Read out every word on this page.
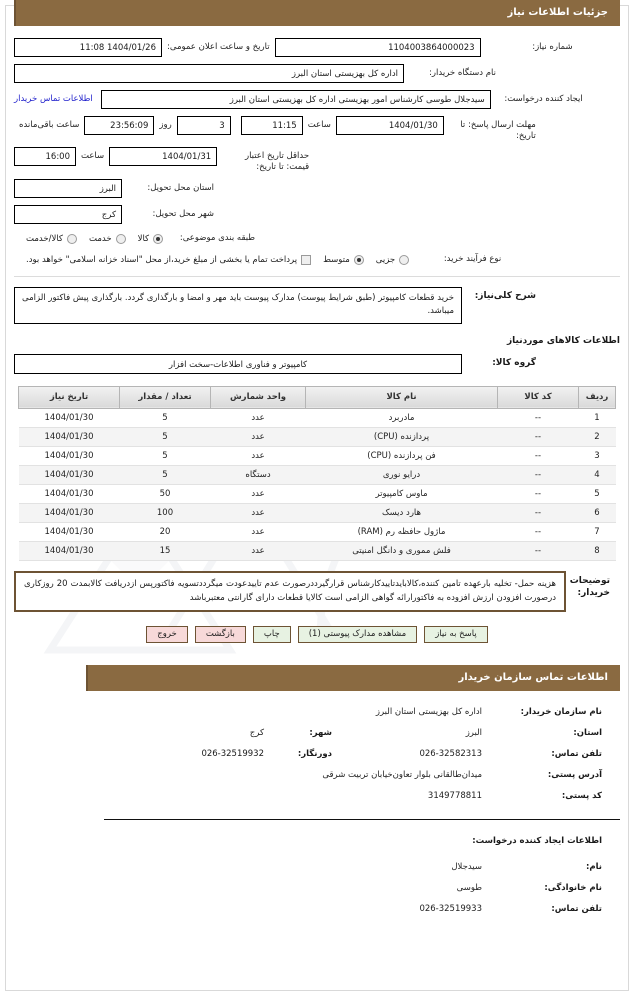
جزئیات اطلاعات نیاز
شماره نیاز:
1104003864000023
تاریخ و ساعت اعلان عمومی:
1404/01/26 11:08
نام دستگاه خریدار:
اداره کل بهزیستی استان البرز
ایجاد کننده درخواست:
سیدجلال طوسی کارشناس امور بهزیستی اداره کل بهزیستی استان البرز
اطلاعات تماس خریدار
مهلت ارسال پاسخ: تا تاریخ:
1404/01/30
ساعت
11:15
3
روز
23:56:09
ساعت باقی‌مانده
حداقل تاریخ اعتبار قیمت: تا تاریخ:
1404/01/31
ساعت
16:00
استان محل تحویل:
البرز
شهر محل تحویل:
کرج
طبقه بندی موضوعی:
کالا
خدمت
کالا/خدمت
نوع فرآیند خرید:
جزیی
متوسط
پرداخت تمام یا بخشی از مبلغ خرید،از محل "اسناد خزانه اسلامی" خواهد بود.
شرح کلی‌نیاز:
خرید قطعات کامپیوتر (طبق شرایط پیوست) مدارک پیوست باید مهر و امضا و بارگذاری گردد. بارگذاری پیش فاکتور الزامی میباشد.
اطلاعات کالاهای موردنیاز
گروه کالا:
کامپیوتر و فناوری اطلاعات-سخت افزار
ردیف	کد کالا	نام کالا	واحد شمارش	تعداد / مقدار	تاریخ نیاز
1	--	مادربرد	عدد	5	1404/01/30
2	--	پردازنده (CPU)	عدد	5	1404/01/30
3	--	فن پردازنده (CPU)	عدد	5	1404/01/30
4	--	درایو نوری	دستگاه	5	1404/01/30
5	--	ماوس کامپیوتر	عدد	50	1404/01/30
6	--	هارد دیسک	عدد	100	1404/01/30
7	--	ماژول حافظه رم (RAM)	عدد	20	1404/01/30
8	--	فلش مموری و دانگل امنیتی	عدد	15	1404/01/30
توضیحات خریدار:
هزینه حمل- تخلیه بارعهده تامین کننده،کالابایدتاییدکارشناس قرارگیرددرصورت عدم تاییدعودت میگرددتسویه فاکتورپس ازدریافت کالابمدت 20 روزکاری درصورت افزودن ارزش افزوده به فاکتورارائه گواهی الزامی است کالایا قطعات دارای گارانتی معتبرباشد
پاسخ به نیاز
مشاهده مدارک پیوستی (1)
چاپ
بازگشت
خروج
اطلاعات تماس سازمان خریدار
نام سازمان خریدار:
اداره کل بهزیستی استان البرز
استان:
البرز
شهر:
کرج
تلفن تماس:
026-32582313
دورنگار:
026-32519932
آدرس پستی:
میدان‌طالقانی بلوار تعاون‌خیابان تربیت شرقی
کد پستی:
3149778811
اطلاعات ایجاد کننده درخواست:
نام:
سیدجلال
نام خانوادگی:
طوسی
تلفن تماس:
026-32519933
